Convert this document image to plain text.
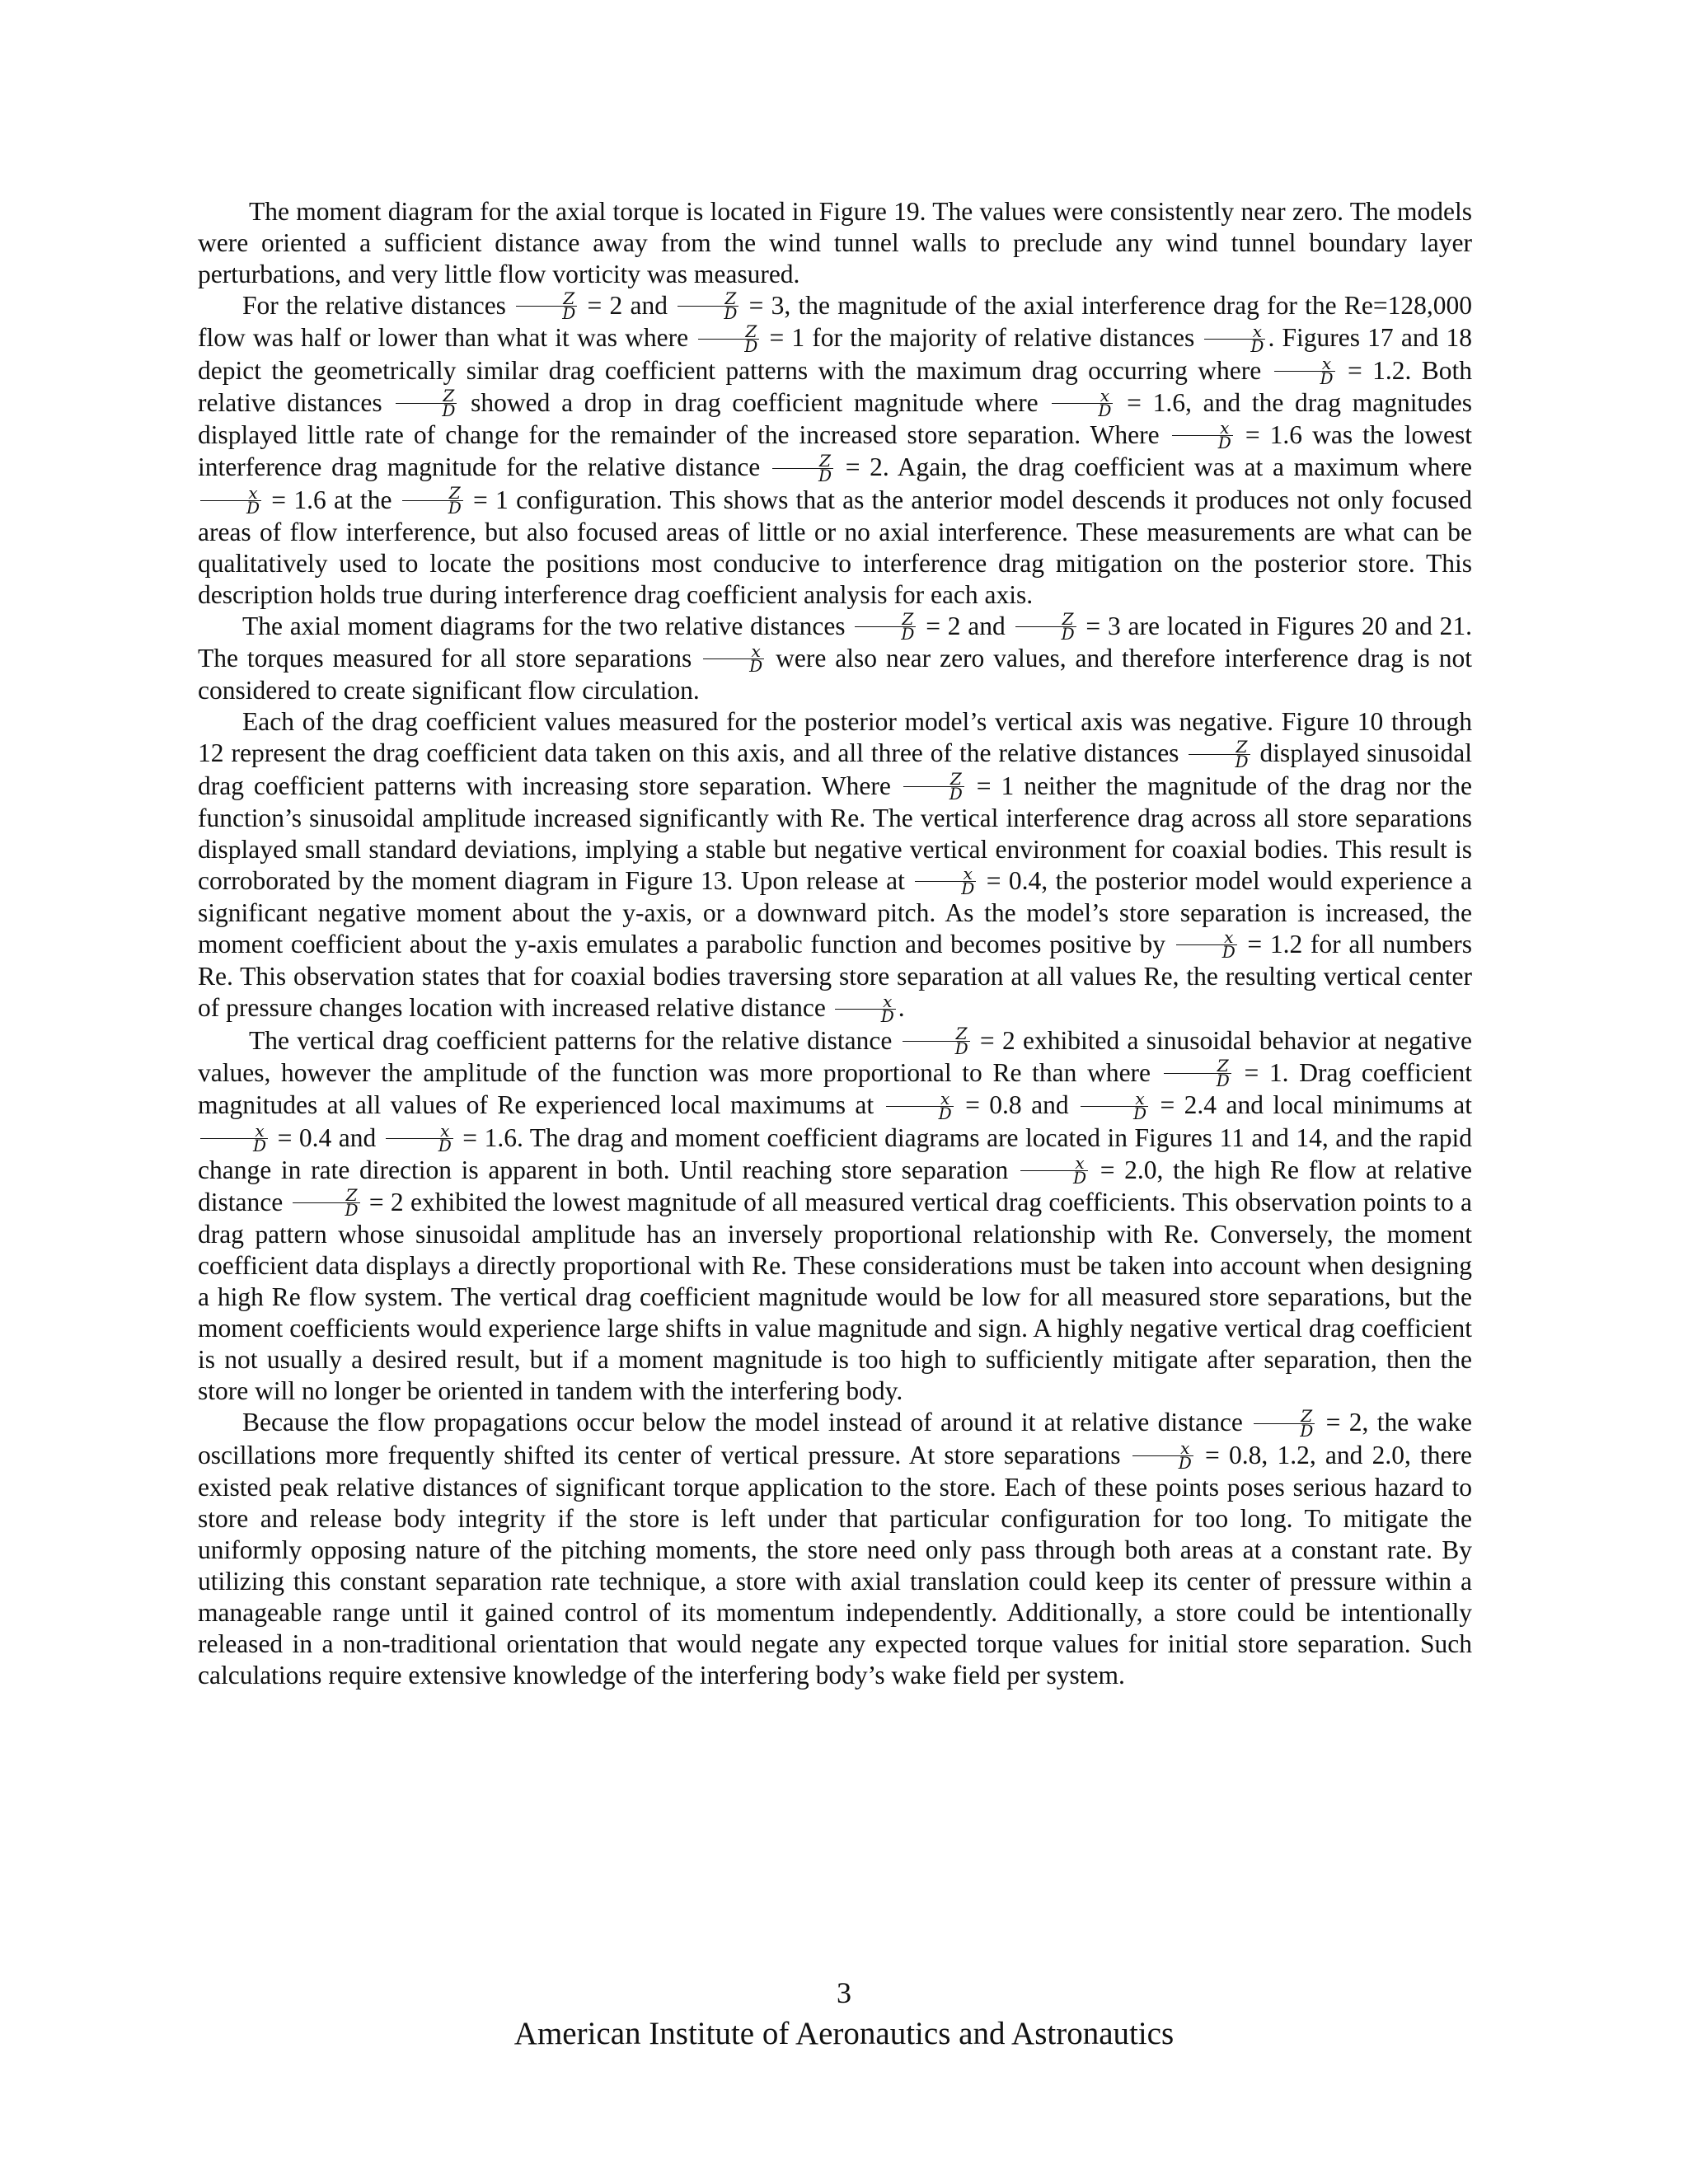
The moment diagram for the axial torque is located in Figure 19. The values were consistently near zero. The models were oriented a sufficient distance away from the wind tunnel walls to preclude any wind tunnel boundary layer perturbations, and very little flow vorticity was measured.

For the relative distances $\frac{Z}{D} = 2$ and $\frac{Z}{D} = 3$, the magnitude of the axial interference drag for the Re=128,000 flow was half or lower than what it was where $\frac{Z}{D} = 1$ for the majority of relative distances $\frac{x}{D}$ . Figures 17 and 18 depict the geometrically similar drag coefficient patterns with the maximum drag occurring where $\frac{x}{D} = 1.2$. Both relative distances $\frac{Z}{D}$ showed a drop in drag coefficient magnitude where $\frac{x}{D} = 1.6$, and the drag magnitudes displayed little rate of change for the remainder of the increased store separation. Where $\frac{x}{D} = 1.6$ was the lowest interference drag magnitude for the relative distance $\frac{Z}{D} = 2$. Again, the drag coefficient was at a maximum where
$\frac{x}{D} = 1.6$ at the $\frac{Z}{D} = 1$ configuration. This shows that as the anterior model descends it produces not only focused areas of flow interference, but also focused areas of little or no axial interference. These measurements are what can be qualitatively used to locate the positions most conducive to interference drag mitigation on the posterior store. This description holds true during interference drag coefficient analysis for each axis.

The axial moment diagrams for the two relative distances $\frac{Z}{D} = 2$ and $\frac{Z}{D} = 3$ are located in Figures 20 and 21. The torques measured for all store separations $\frac{x}{D}$ were also near zero values, and therefore interference drag is not considered to create significant flow circulation.

Each of the drag coefficient values measured for the posterior model’s vertical axis was negative. Figure 10 through 12 represent the drag coefficient data taken on this axis, and all three of the relative distances $\frac{Z}{D}$ displayed sinusoidal drag coefficient patterns with increasing store separation. Where $\frac{Z}{D} = 1$ neither the magnitude of the drag nor the function’s sinusoidal amplitude increased significantly with Re. The vertical interference drag across all store separations displayed small standard deviations, implying a stable but negative vertical environment for coaxial bodies. This result is corroborated by the moment diagram in Figure 13. Upon release at $\frac{x}{D} = 0.4$, the posterior model would experience a significant negative moment about the y-axis, or a downward pitch. As the model’s store separation is increased, the moment coefficient about the y-axis emulates a parabolic function and becomes positive by $\frac{x}{D} = 1.2$ for all numbers Re. This observation states that for coaxial bodies traversing store separation at all values Re, the resulting vertical center of pressure changes location with increased relative distance $\frac{x}{D}$ .

The vertical drag coefficient patterns for the relative distance $\frac{Z}{D} = 2$ exhibited a sinusoidal behavior at negative values, however the amplitude of the function was more proportional to Re than where $\frac{Z}{D} = 1$. Drag coefficient magnitudes at all values of Re experienced local maximums at $\frac{x}{D} = 0.8$ and $\frac{x}{D} = 2.4$ and local minimums at
$\frac{x}{D} = 0.4$ and $\frac{x}{D} = 1.6$. The drag and moment coefficient diagrams are located in Figures 11 and 14, and the rapid change in rate direction is apparent in both. Until reaching store separation $\frac{x}{D} = 2.0$, the high Re flow at relative distance $\frac{Z}{D} = 2$ exhibited the lowest magnitude of all measured vertical drag coefficients. This observation points to a drag pattern whose sinusoidal amplitude has an inversely proportional relationship with Re. Conversely, the moment coefficient data displays a directly proportional with Re. These considerations must be taken into account when designing a high Re flow system. The vertical drag coefficient magnitude would be low for all measured store separations, but the moment coefficients would experience large shifts in value magnitude and sign. A highly negative vertical drag coefficient is not usually a desired result, but if a moment magnitude is too high to sufficiently mitigate after separation, then the store will no longer be oriented in tandem with the interfering body.

Because the flow propagations occur below the model instead of around it at relative distance $\frac{Z}{D} = 2$, the wake oscillations more frequently shifted its center of vertical pressure. At store separations $\frac{x}{D} = 0.8$, 1.2, and 2.0, there existed peak relative distances of significant torque application to the store. Each of these points poses serious hazard to store and release body integrity if the store is left under that particular configuration for too long. To mitigate the uniformly opposing nature of the pitching moments, the store need only pass through both areas at a constant rate. By utilizing this constant separation rate technique, a store with axial translation could keep its center of pressure within a manageable range until it gained control of its momentum independently. Additionally, a store could be intentionally released in a non-traditional orientation that would negate any expected torque values for initial store separation. Such calculations require extensive knowledge of the interfering body’s wake field per system.

3
American Institute of Aeronautics and Astronautics
